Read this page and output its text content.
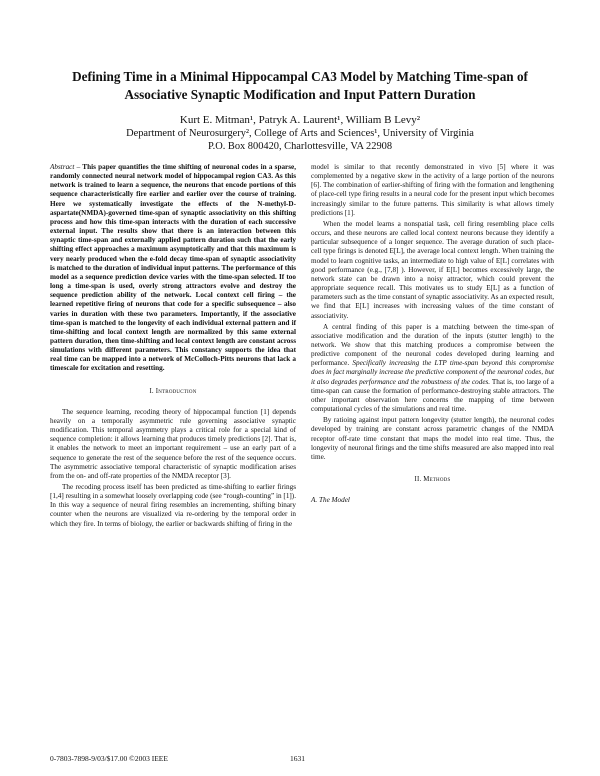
Defining Time in a Minimal Hippocampal CA3 Model by Matching Time-span of
Associative Synaptic Modification and Input Pattern Duration
Kurt E. Mitman¹, Patryk A. Laurent¹, William B Levy²
Department of Neurosurgery², College of Arts and Sciences¹, University of Virginia
P.O. Box 800420, Charlottesville, VA 22908

Abstract – This paper quantifies the time shifting of neuronal codes in a sparse, randomly connected neural network model of hippocampal region CA3. As this network is trained to learn a sequence, the neurons that encode portions of this sequence characteristically fire earlier and earlier over the course of training. Here we systematically investigate the effects of the N-methyl-D-aspartate(NMDA)-governed time-span of synaptic associativity on this shifting process and how this time-span interacts with the duration of each successive external input. The results show that there is an interaction between this synaptic time-span and externally applied pattern duration such that the early shifting effect approaches a maximum asymptotically and that this maximum is very nearly produced when the e-fold decay time-span of synaptic associativity is matched to the duration of individual input patterns. The performance of this model as a sequence prediction device varies with the time-span selected. If too long a time-span is used, overly strong attractors evolve and destroy the sequence prediction ability of the network. Local context cell firing – the learned repetitive firing of neurons that code for a specific subsequence – also varies in duration with these two parameters. Importantly, if the associative time-span is matched to the longevity of each individual external pattern and if time-shifting and local context length are normalized by this same external pattern duration, then time-shifting and local context length are constant across simulations with different parameters. This constancy supports the idea that real time can be mapped into a network of McColloch-Pitts neurons that lack a timescale for excitation and resetting.

I. Introduction

The sequence learning, recoding theory of hippocampal function [1] depends heavily on a temporally asymmetric rule governing associative synaptic modification. This temporal asymmetry plays a critical role for a special kind of sequence completion: it allows learning that produces timely predictions [2]. That is, it enables the network to meet an important requirement – use an early part of a sequence to generate the rest of the sequence before the rest of the sequence occurs. The asymmetric associative temporal characteristic of synaptic modification arises from the on- and off-rate properties of the NMDA receptor [3].

The recoding process itself has been predicted as time-shifting to earlier firings [1,4] resulting in a somewhat loosely overlapping code (see “rough-counting” in [1]). In this way a sequence of neural firing resembles an incrementing, shifting binary counter when the neurons are visualized via re-ordering by the temporal order in which they fire. In terms of biology, the earlier or backwards shifting of firing in the

model is similar to that recently demonstrated in vivo [5] where it was complemented by a negative skew in the activity of a large portion of the neurons [6]. The combination of earlier-shifting of firing with the formation and lengthening of place-cell type firing results in a neural code for the present input which becomes increasingly similar to the future patterns. This similarity is what allows timely predictions [1].

When the model learns a nonspatial task, cell firing resembling place cells occurs, and these neurons are called local context neurons because they identify a particular subsequence of a longer sequence. The average duration of such place-cell type firings is denoted E[L], the average local context length. When training the model to learn cognitive tasks, an intermediate to high value of E[L] correlates with good performance (e.g., [7,8] ). However, if E[L] becomes excessively large, the network state can be drawn into a noisy attractor, which could prevent the appropriate sequence recall. This motivates us to study E[L] as a function of parameters such as the time constant of synaptic associativity. As an expected result, we find that E[L] increases with increasing values of the time constant of associativity.

A central finding of this paper is a matching between the time-span of associative modification and the duration of the inputs (stutter length) to the network. We show that this matching produces a compromise between the predictive component of the neuronal codes developed during learning and performance. Specifically increasing the LTP time-span beyond this compromise does in fact marginally increase the predictive component of the neuronal codes, but it also degrades performance and the robustness of the codes. That is, too large of a time-span can cause the formation of performance-destroying stable attractors. The other important observation here concerns the mapping of time between computational cycles of the simulations and real time.

By ratioing against input pattern longevity (stutter length), the neuronal codes developed by training are constant across parametric changes of the NMDA receptor off-rate time constant that maps the model into real time. Thus, the longevity of neuronal firings and the time shifts measured are also mapped into real time.

II. Methods

A. The Model

0-7803-7898-9/03/$17.00 ©2003 IEEE	1631
